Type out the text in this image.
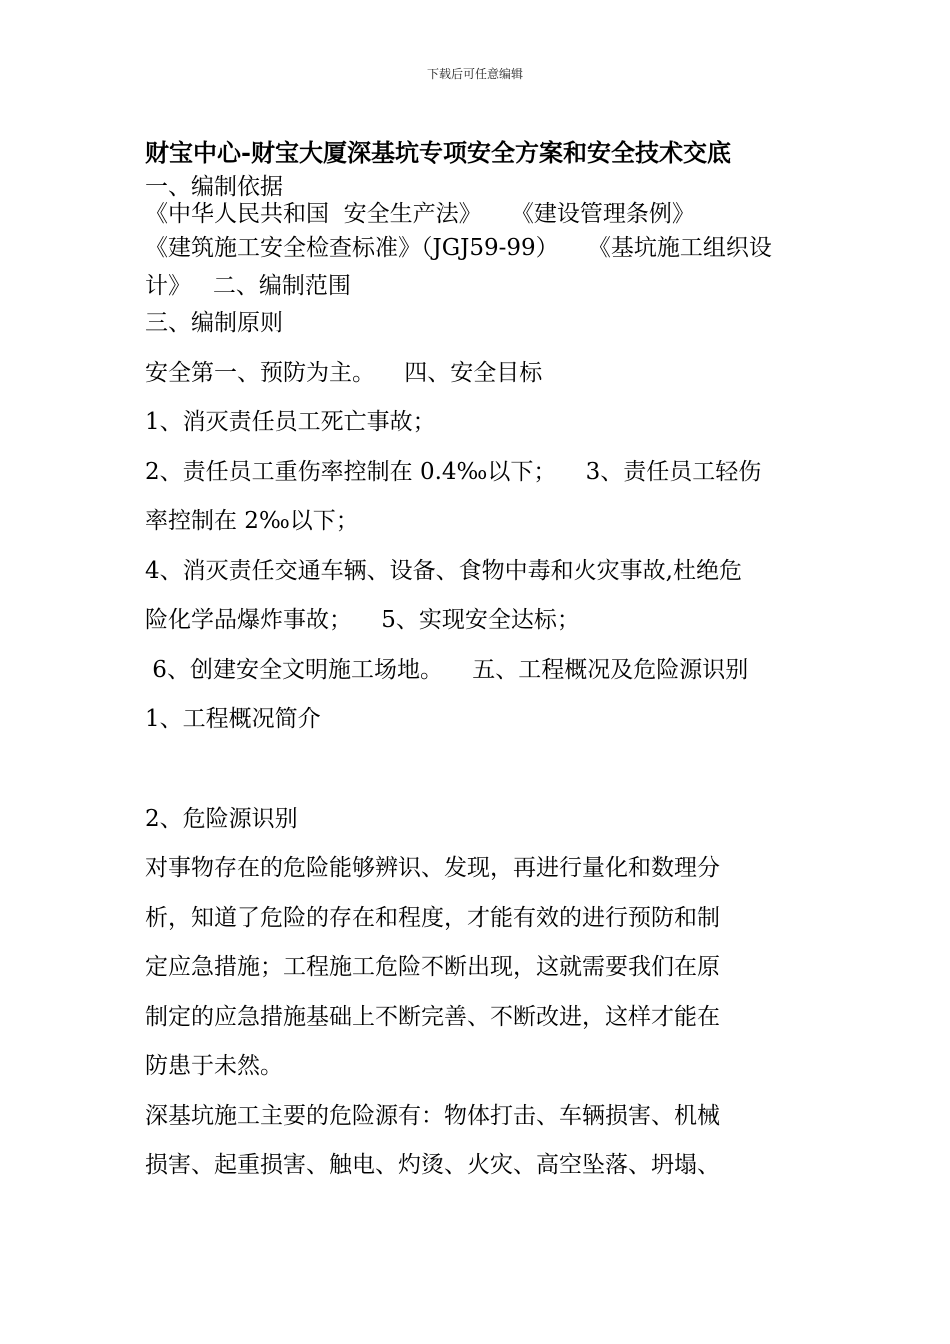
下载后可任意编辑
财宝中心-财宝大厦深基坑专项安全方案和安全技术交底
一、编制依据
《中华人民共和国  安全生产法》    《建设管理条例》
《建筑施工安全检查标准》（JGJ59-99）    《基坑施工组织设
计》   二、编制范围
三、编制原则
安全第一、预防为主。    四、安全目标
1、消灭责任员工死亡事故；
2、责任员工重伤率控制在 0.4‰以下；    3、责任员工轻伤
率控制在 2‰以下；
4、消灭责任交通车辆、设备、食物中毒和火灾事故,杜绝危
险化学品爆炸事故；    5、实现安全达标；
6、创建安全文明施工场地。    五、工程概况及危险源识别
1、工程概况简介
2、危险源识别
对事物存在的危险能够辨识、发现，再进行量化和数理分
析，知道了危险的存在和程度，才能有效的进行预防和制
定应急措施；工程施工危险不断出现，这就需要我们在原
制定的应急措施基础上不断完善、不断改进，这样才能在
防患于未然。
深基坑施工主要的危险源有：物体打击、车辆损害、机械
损害、起重损害、触电、灼烫、火灾、高空坠落、坍塌、
